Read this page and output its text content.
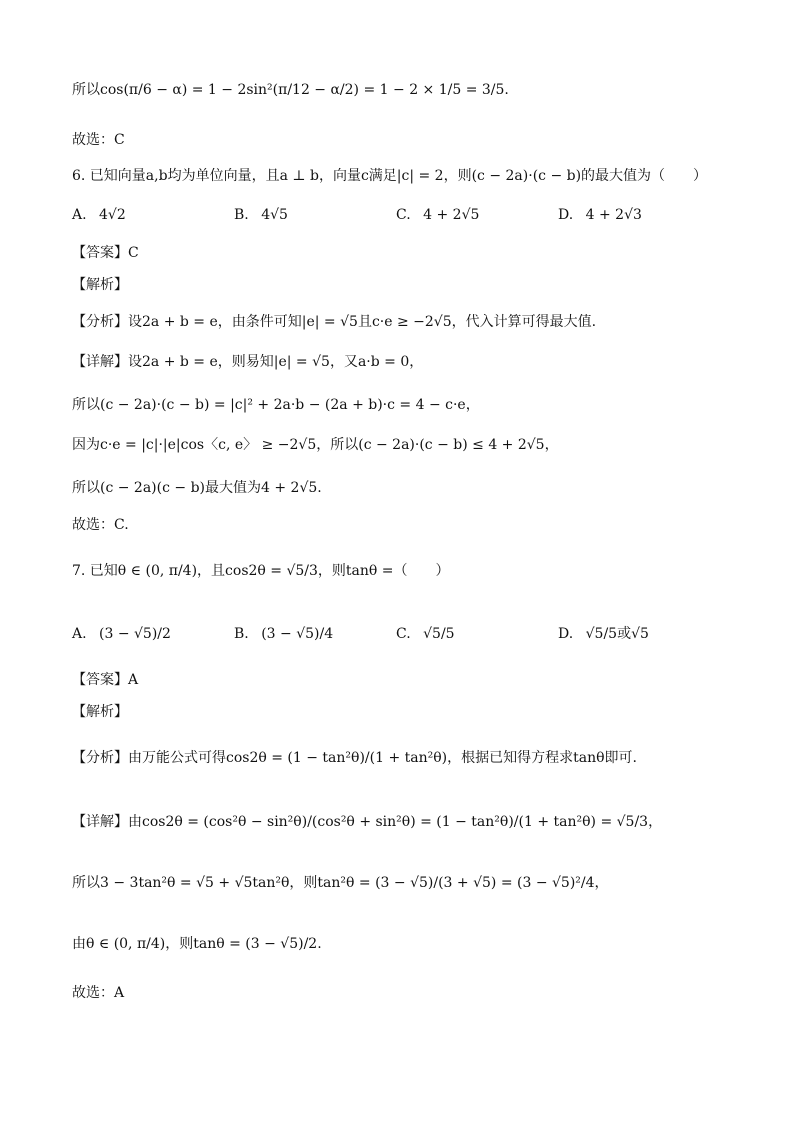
所以cos(π/6 − α) = 1 − 2sin²(π/12 − α/2) = 1 − 2 × 1/5 = 3/5.
故选：C
6. 已知向量a,b均为单位向量，且a ⊥ b，向量c满足|c| = 2，则(c − 2a)·(c − b)的最大值为（　　）
A. 4√2	B. 4√5	C. 4 + 2√5	D. 4 + 2√3
【答案】C
【解析】
【分析】设2a + b = e，由条件可知|e| = √5且c·e ≥ −2√5，代入计算可得最大值.
【详解】设2a + b = e，则易知|e| = √5，又a·b = 0，
所以(c − 2a)·(c − b) = |c|² + 2a·b − (2a + b)·c = 4 − c·e，
因为c·e = |c|·|e|cos〈c, e〉 ≥ −2√5，所以(c − 2a)·(c − b) ≤ 4 + 2√5，
所以(c − 2a)(c − b)最大值为4 + 2√5.
故选：C.
7. 已知θ ∈ (0, π/4)，且cos2θ = √5/3，则tanθ =（　　）
A. (3 − √5)/2	B. (3 − √5)/4	C. √5/5	D. √5/5或√5
【答案】A
【解析】
【分析】由万能公式可得cos2θ = (1 − tan²θ)/(1 + tan²θ)，根据已知得方程求tanθ即可.
【详解】由cos2θ = (cos²θ − sin²θ)/(cos²θ + sin²θ) = (1 − tan²θ)/(1 + tan²θ) = √5/3，
所以3 − 3tan²θ = √5 + √5tan²θ，则tan²θ = (3 − √5)/(3 + √5) = (3 − √5)²/4，
由θ ∈ (0, π/4)，则tanθ = (3 − √5)/2.
故选：A
